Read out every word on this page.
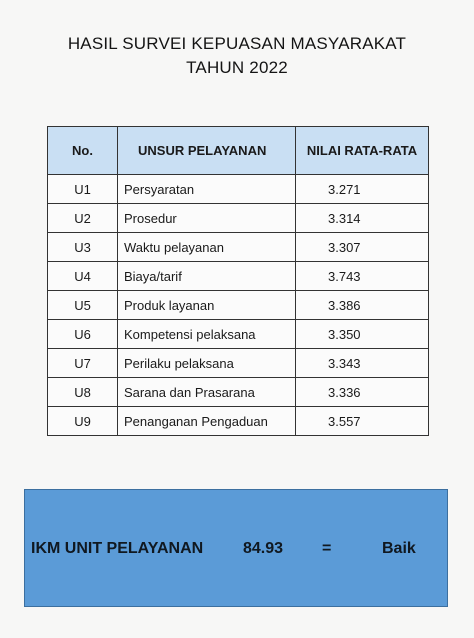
HASIL SURVEI KEPUASAN MASYARAKAT
TAHUN 2022
No.	UNSUR PELAYANAN	NILAI RATA-RATA
U1	Persyaratan	3.271
U2	Prosedur	3.314
U3	Waktu pelayanan	3.307
U4	Biaya/tarif	3.743
U5	Produk layanan	3.386
U6	Kompetensi pelaksana	3.350
U7	Perilaku pelaksana	3.343
U8	Sarana dan Prasarana	3.336
U9	Penanganan Pengaduan	3.557
IKM UNIT PELAYANAN 84.93 =	Baik
